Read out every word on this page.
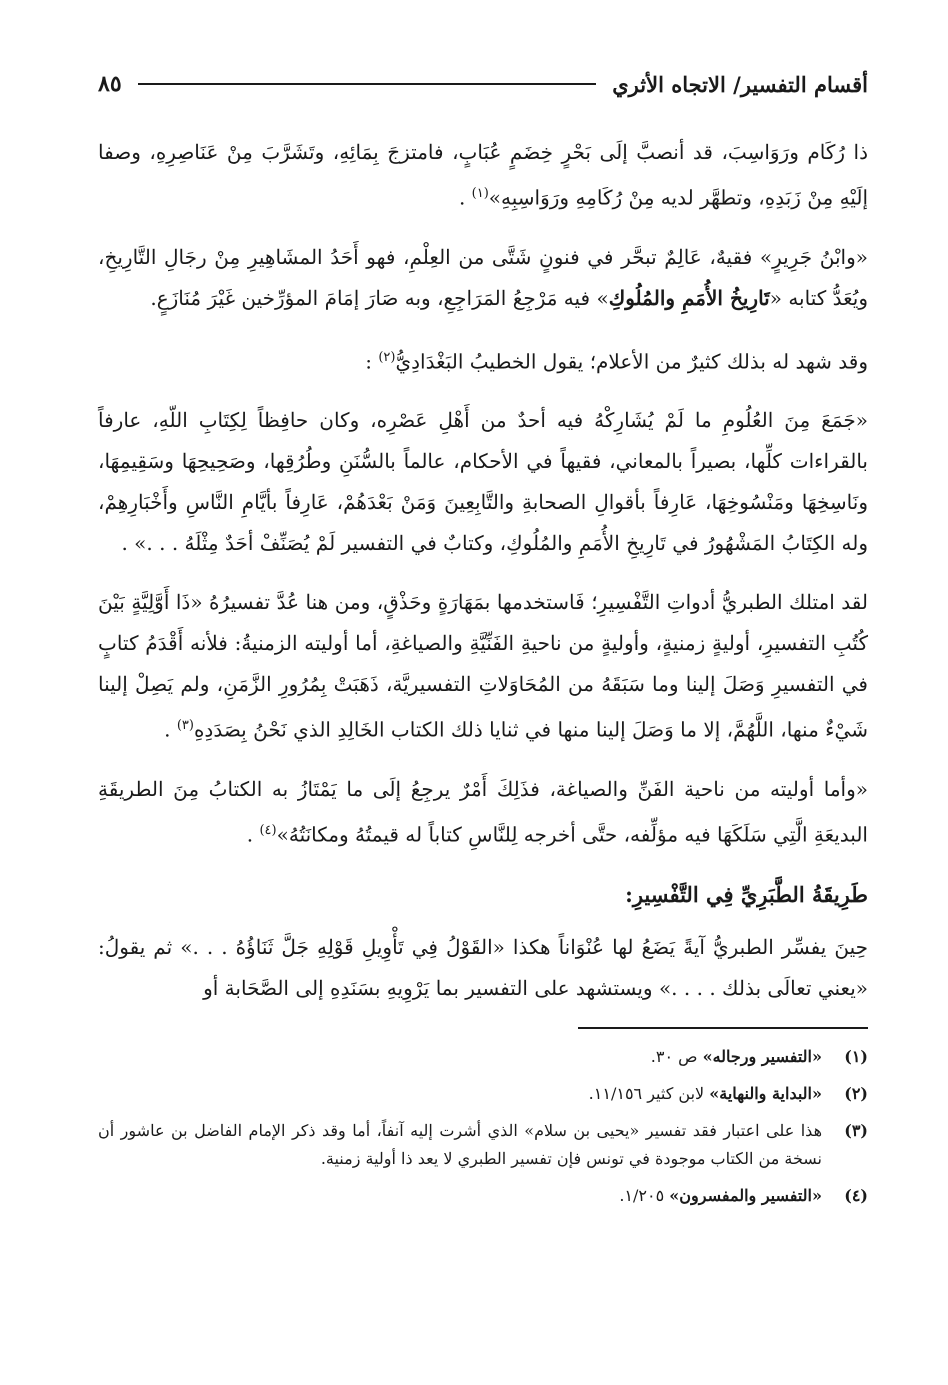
أقسام التفسير/ الاتجاه الأثري
٨٥

ذا رُكَام ورَوَاسِبَ، قد أنصبَّ إلَى بَحْرٍ خِضَمٍ عُبَابٍ، فامتزجَ بِمَائِهِ، وتَشَرَّبَ مِنْ عَنَاصِرِهِ، وصفا إلَيْهِ مِنْ زَبَدِهِ، وتطهَّر لديه مِنْ رُكَامِهِ ورَوَاسِبِهِ»$^{(١)}$ .

«وابْنُ جَرِيرٍ» فقيهٌ، عَالِمٌ تبحَّر في فنونٍ شَتَّى من العِلْمِ، فهو أَحَدُ المشَاهِيرِ مِنْ رجَالِ التَّارِيخِ، ويُعَدُّ كتابه «تَارِيخُ الأُمَمِ والمُلُوكِ» فيه مَرْجِعُ المَرَاجِعِ، وبه صَارَ إمَامَ المؤرِّخين غَيْرَ مُنَازَعٍ.

وقد شهد له بذلك كثيرٌ من الأعلام؛ يقول الخطيبُ البَغْدَادِيُّ$^{(٢)}$ :

«جَمَعَ مِنَ العُلُومِ ما لَمْ يُشَارِكْهُ فيه أحدٌ من أَهْلِ عَصْرِه، وكان حافِظاً لِكِتَابِ اللّهِ، عارفاً بالقراءات كلِّها، بصيراً بالمعاني، فقيهاً في الأحكام، عالماً بالسُّنَنِ وطُرُقِها، وصَحِيحِهَا وسَقِيمِهَا، ونَاسِخِهَا ومَنْسُوخِهَا، عَارِفاً بأقوالِ الصحابةِ والتَّابِعِينَ وَمَنْ بَعْدَهُمْ، عَارِفاً بأيَّامِ النَّاسِ وأَخْبَارِهِمْ، وله الكِتَابُ المَشْهُورُ في تَارِيخِ الأُمَمِ والمُلُوكِ، وكتابٌ في التفسير لَمْ يُصَنِّفْ أحَدٌ مِثْلَهُ . . .» .

لقد امتلك الطبريُّ أدواتِ التَّفْسِيرِ؛ فَاستخدمها بمَهَارَةٍ وحَذْقٍ، ومن هنا عُدَّ تفسيرُهُ «ذَا أَوَّلِيَّةٍ بَيْنَ كُتُبِ التفسيرِ، أوليةٍ زمنيةٍ، وأوليةٍ من ناحيةِ الفَنِّيَّةِ والصياغةِ، أما أوليته الزمنيةُ: فلأنه أَقْدَمُ كتابٍ في التفسيرِ وَصَلَ إلينا وما سَبَقَهُ من المُحَاوَلاتِ التفسيريَّة، ذَهَبَتْ بِمُرُورِ الزَّمَنِ، ولم يَصِلْ إلينا شَيْءٌ منها، اللَّهُمَّ، إلا ما وَصَلَ إلينا منها في ثنايا ذلك الكتاب الخَالِدِ الذي نَحْنُ بِصَدَدِهِ$^{(٣)}$ .

«وأما أوليته من ناحية الفَنِّ والصياغة، فذَلِكَ أَمْرٌ يرجِعُ إلَى ما يَمْتَازُ به الكتابُ مِنَ الطريقَةِ البديعَةِ الَّتِي سَلَكَهَا فيه مؤلِّفه، حتَّى أخرجه لِلنَّاسِ كتاباً له قيمتُهُ ومكانَتُهُ»$^{(٤)}$ .

طَرِيقَةُ الطَّبَرِيِّ فِي التَّفْسِيرِ:

حِينَ يفسِّر الطبريُّ آيةً يَضَعُ لها عُنْوَاناً هكذا «القَوْلُ فِي تَأْوِيلِ قَوْلِهِ جَلَّ ثَنَاؤُهُ . . .» ثم يقولُ: «يعني تعالَى بذلك . . . .» ويستشهد على التفسير بما يَرْوِيهِ بسَنَدِهِ إلى الصَّحَابة أو

(١)
«التفسير ورجاله» ص ٣٠.
(٢)
«البداية والنهاية» لابن كثير ١١/١٥٦.
(٣)
هذا على اعتبار فقد تفسير «يحيى بن سلام» الذي أشرت إليه آنفاً، أما وقد ذكر الإمام الفاضل بن عاشور أن نسخة من الكتاب موجودة في تونس فإن تفسير الطبري لا يعد ذا أولية زمنية.
(٤)
«التفسير والمفسرون» ١/٢٠٥.
